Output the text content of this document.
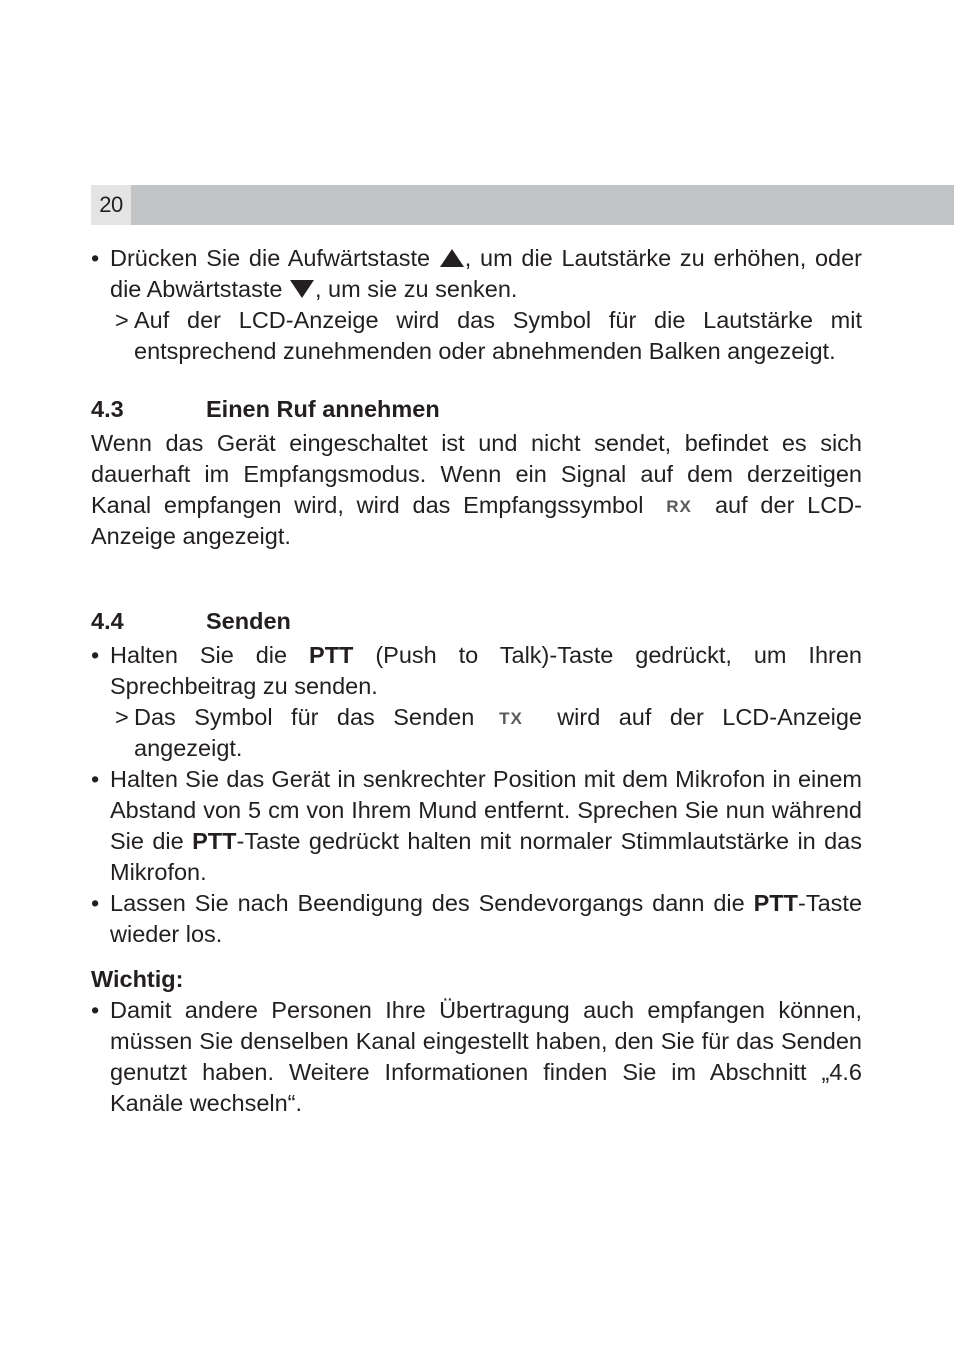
20

• Drücken Sie die Aufwärtstaste , um die Lautstärke zu erhöhen, oder die Abwärtstaste , um sie zu senken.

> Auf der LCD-Anzeige wird das Symbol für die Lautstärke mit entsprechend zunehmenden oder abnehmenden Balken angezeigt.

4.3	Einen Ruf annehmen

Wenn das Gerät eingeschaltet ist und nicht sendet, befindet es sich dauerhaft im Empfangsmodus. Wenn ein Signal auf dem derzeitigen Kanal empfangen wird, wird das Empfangssymbol RX auf der LCD-Anzeige angezeigt.

4.4	Senden

• Halten Sie die PTT (Push to Talk)-Taste gedrückt, um Ihren Sprechbeitrag zu senden.

> Das Symbol für das Senden TX wird auf der LCD-Anzeige angezeigt.

• Halten Sie das Gerät in senkrechter Position mit dem Mikrofon in einem Abstand von 5 cm von Ihrem Mund entfernt. Sprechen Sie nun während Sie die PTT-Taste gedrückt halten mit normaler Stimmlautstärke in das Mikrofon.

• Lassen Sie nach Beendigung des Sendevorgangs dann die PTT-Taste wieder los.

Wichtig:

• Damit andere Personen Ihre Übertragung auch empfangen können, müssen Sie denselben Kanal eingestellt haben, den Sie für das Senden genutzt haben. Weitere Informationen finden Sie im Abschnitt „4.6 Kanäle wechseln“.
